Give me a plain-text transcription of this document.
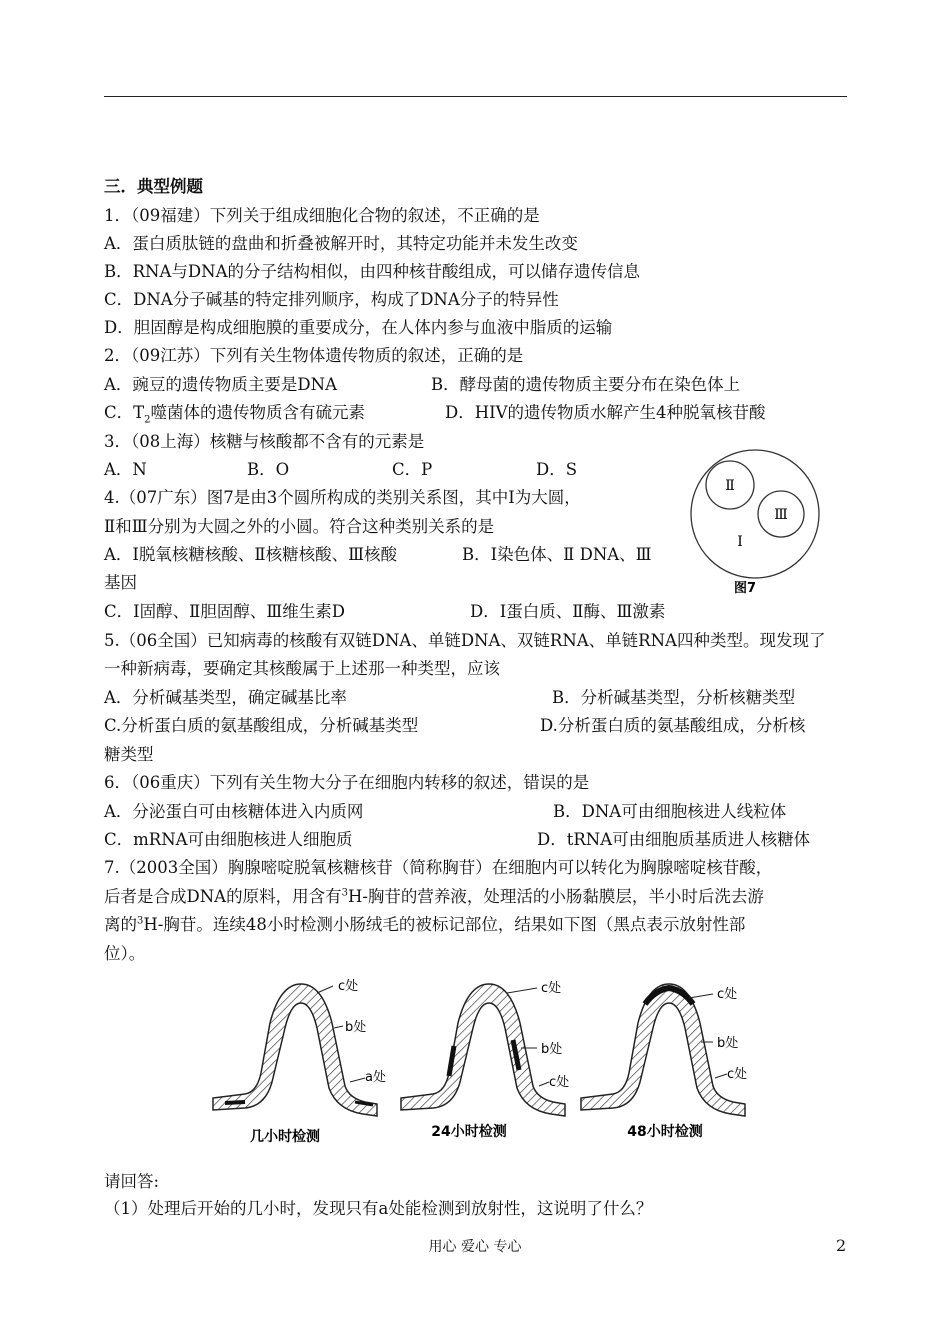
三．典型例题
1．（09福建）下列关于组成细胞化合物的叙述，不正确的是
A．蛋白质肽链的盘曲和折叠被解开时，其特定功能并未发生改变
B．RNA与DNA的分子结构相似，由四种核苷酸组成，可以储存遗传信息
C．DNA分子碱基的特定排列顺序，构成了DNA分子的特异性
D．胆固醇是构成细胞膜的重要成分，在人体内参与血液中脂质的运输
2．（09江苏）下列有关生物体遗传物质的叙述，正确的是
A．豌豆的遗传物质主要是DNA	B．酵母菌的遗传物质主要分布在染色体上
C．$T_2$噬菌体的遗传物质含有硫元素	D．HIV的遗传物质水解产生4种脱氧核苷酸
3．（08上海）核糖与核酸都不含有的元素是
A．N	B．O	C．P	D．S
4.（07广东）图7是由3个圆所构成的类别关系图，其中Ⅰ为大圆，
Ⅱ和Ⅲ分别为大圆之外的小圆。符合这种类别关系的是
A．Ⅰ脱氧核糖核酸、Ⅱ核糖核酸、Ⅲ核酸	B．Ⅰ染色体、Ⅱ DNA、Ⅲ
基因
C．Ⅰ固醇、Ⅱ胆固醇、Ⅲ维生素D	D．Ⅰ蛋白质、Ⅱ酶、Ⅲ激素
Ⅱ
Ⅲ
Ⅰ
图7
5.（06全国）已知病毒的核酸有双链DNA、单链DNA、双链RNA、单链RNA四种类型。现发现了
一种新病毒，要确定其核酸属于上述那一种类型，应该
A．分析碱基类型，确定碱基比率	B．分析碱基类型，分析核糖类型
C.分析蛋白质的氨基酸组成，分析碱基类型	D.分析蛋白质的氨基酸组成，分析核
糖类型
6．（06重庆）下列有关生物大分子在细胞内转移的叙述，错误的是
A．分泌蛋白可由核糖体进入内质网	B．DNA可由细胞核进人线粒体
C．mRNA可由细胞核进人细胞质	D．tRNA可由细胞质基质进人核糖体
7.（2003全国）胸腺嘧啶脱氧核糖核苷（简称胸苷）在细胞内可以转化为胸腺嘧啶核苷酸，
后者是合成DNA的原料，用含有$^3$H-胸苷的营养液，处理活的小肠黏膜层，半小时后洗去游
离的$^3$H-胸苷。连续48小时检测小肠绒毛的被标记部位，结果如下图（黑点表示放射性部
位）。
c处
b处
a处
几小时检测
c处
b处
c处
24小时检测
c处
b处
c处
48小时检测
请回答:
（1）处理后开始的几小时，发现只有a处能检测到放射性，这说明了什么？
用心 爱心 专心	2
